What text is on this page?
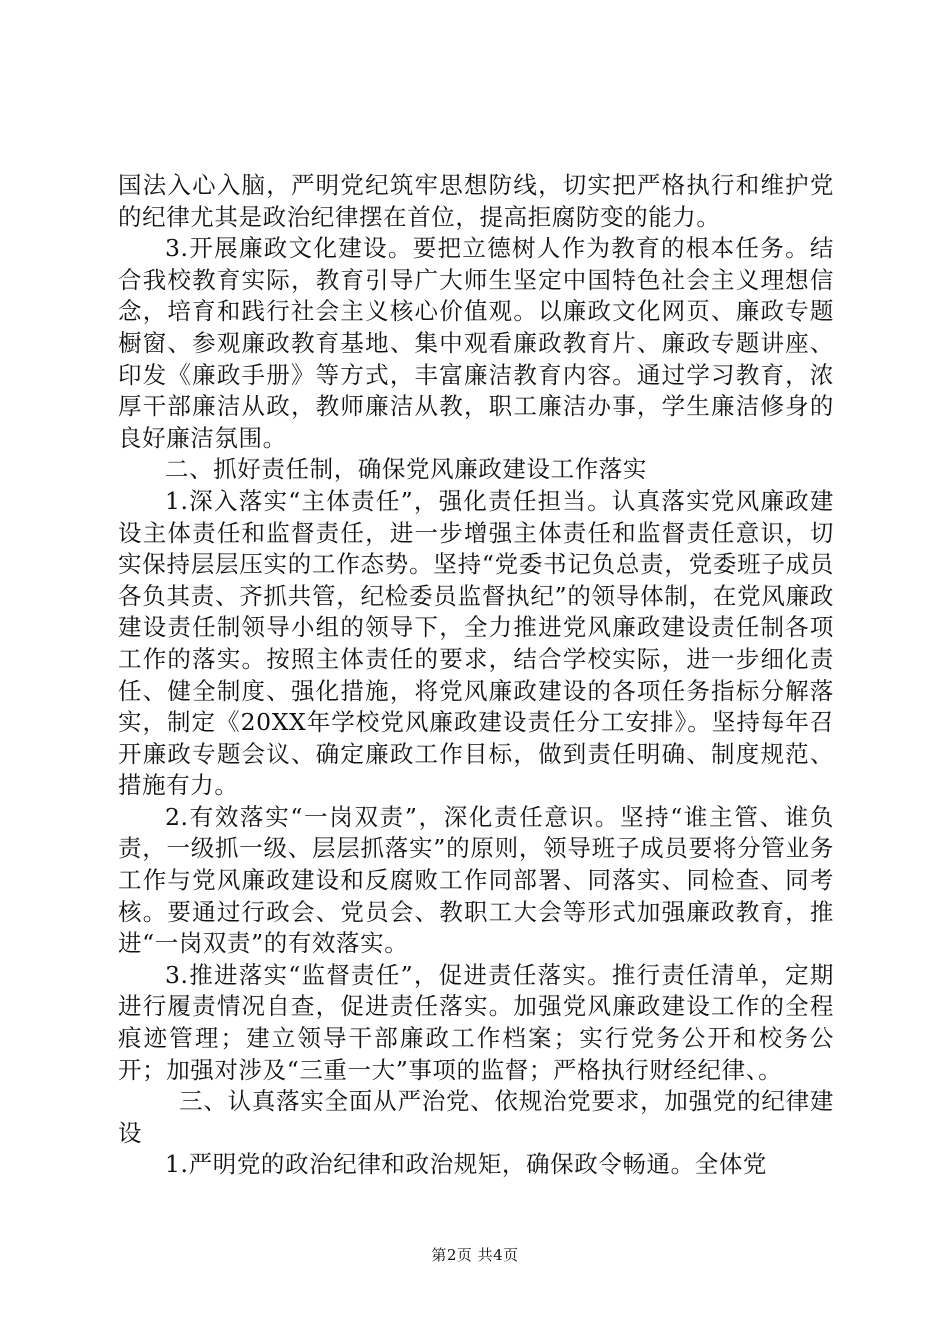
国法入心入脑，严明党纪筑牢思想防线，切实把严格执行和维护党的纪律尤其是政治纪律摆在首位，提高拒腐防变的能力。

3.开展廉政文化建设。要把立德树人作为教育的根本任务。结合我校教育实际，教育引导广大师生坚定中国特色社会主义理想信念，培育和践行社会主义核心价值观。以廉政文化网页、廉政专题橱窗、参观廉政教育基地、集中观看廉政教育片、廉政专题讲座、印发《廉政手册》等方式，丰富廉洁教育内容。通过学习教育，浓厚干部廉洁从政，教师廉洁从教，职工廉洁办事，学生廉洁修身的良好廉洁氛围。

二、抓好责任制，确保党风廉政建设工作落实

1.深入落实“主体责任”，强化责任担当。认真落实党风廉政建设主体责任和监督责任，进一步增强主体责任和监督责任意识，切实保持层层压实的工作态势。坚持“党委书记负总责，党委班子成员各负其责、齐抓共管，纪检委员监督执纪”的领导体制，在党风廉政建设责任制领导小组的领导下，全力推进党风廉政建设责任制各项工作的落实。按照主体责任的要求，结合学校实际，进一步细化责任、健全制度、强化措施，将党风廉政建设的各项任务指标分解落实，制定《20XX年学校党风廉政建设责任分工安排》。坚持每年召开廉政专题会议、确定廉政工作目标，做到责任明确、制度规范、措施有力。

2.有效落实“一岗双责”，深化责任意识。坚持“谁主管、谁负责，一级抓一级、层层抓落实”的原则，领导班子成员要将分管业务工作与党风廉政建设和反腐败工作同部署、同落实、同检查、同考核。要通过行政会、党员会、教职工大会等形式加强廉政教育，推进“一岗双责”的有效落实。

3.推进落实“监督责任”，促进责任落实。推行责任清单，定期进行履责情况自查，促进责任落实。加强党风廉政建设工作的全程痕迹管理；建立领导干部廉政工作档案；实行党务公开和校务公开；加强对涉及“三重一大”事项的监督；严格执行财经纪律、。

三、认真落实全面从严治党、依规治党要求，加强党的纪律建设

1.严明党的政治纪律和政治规矩，确保政令畅通。全体党

第2页 共4页
